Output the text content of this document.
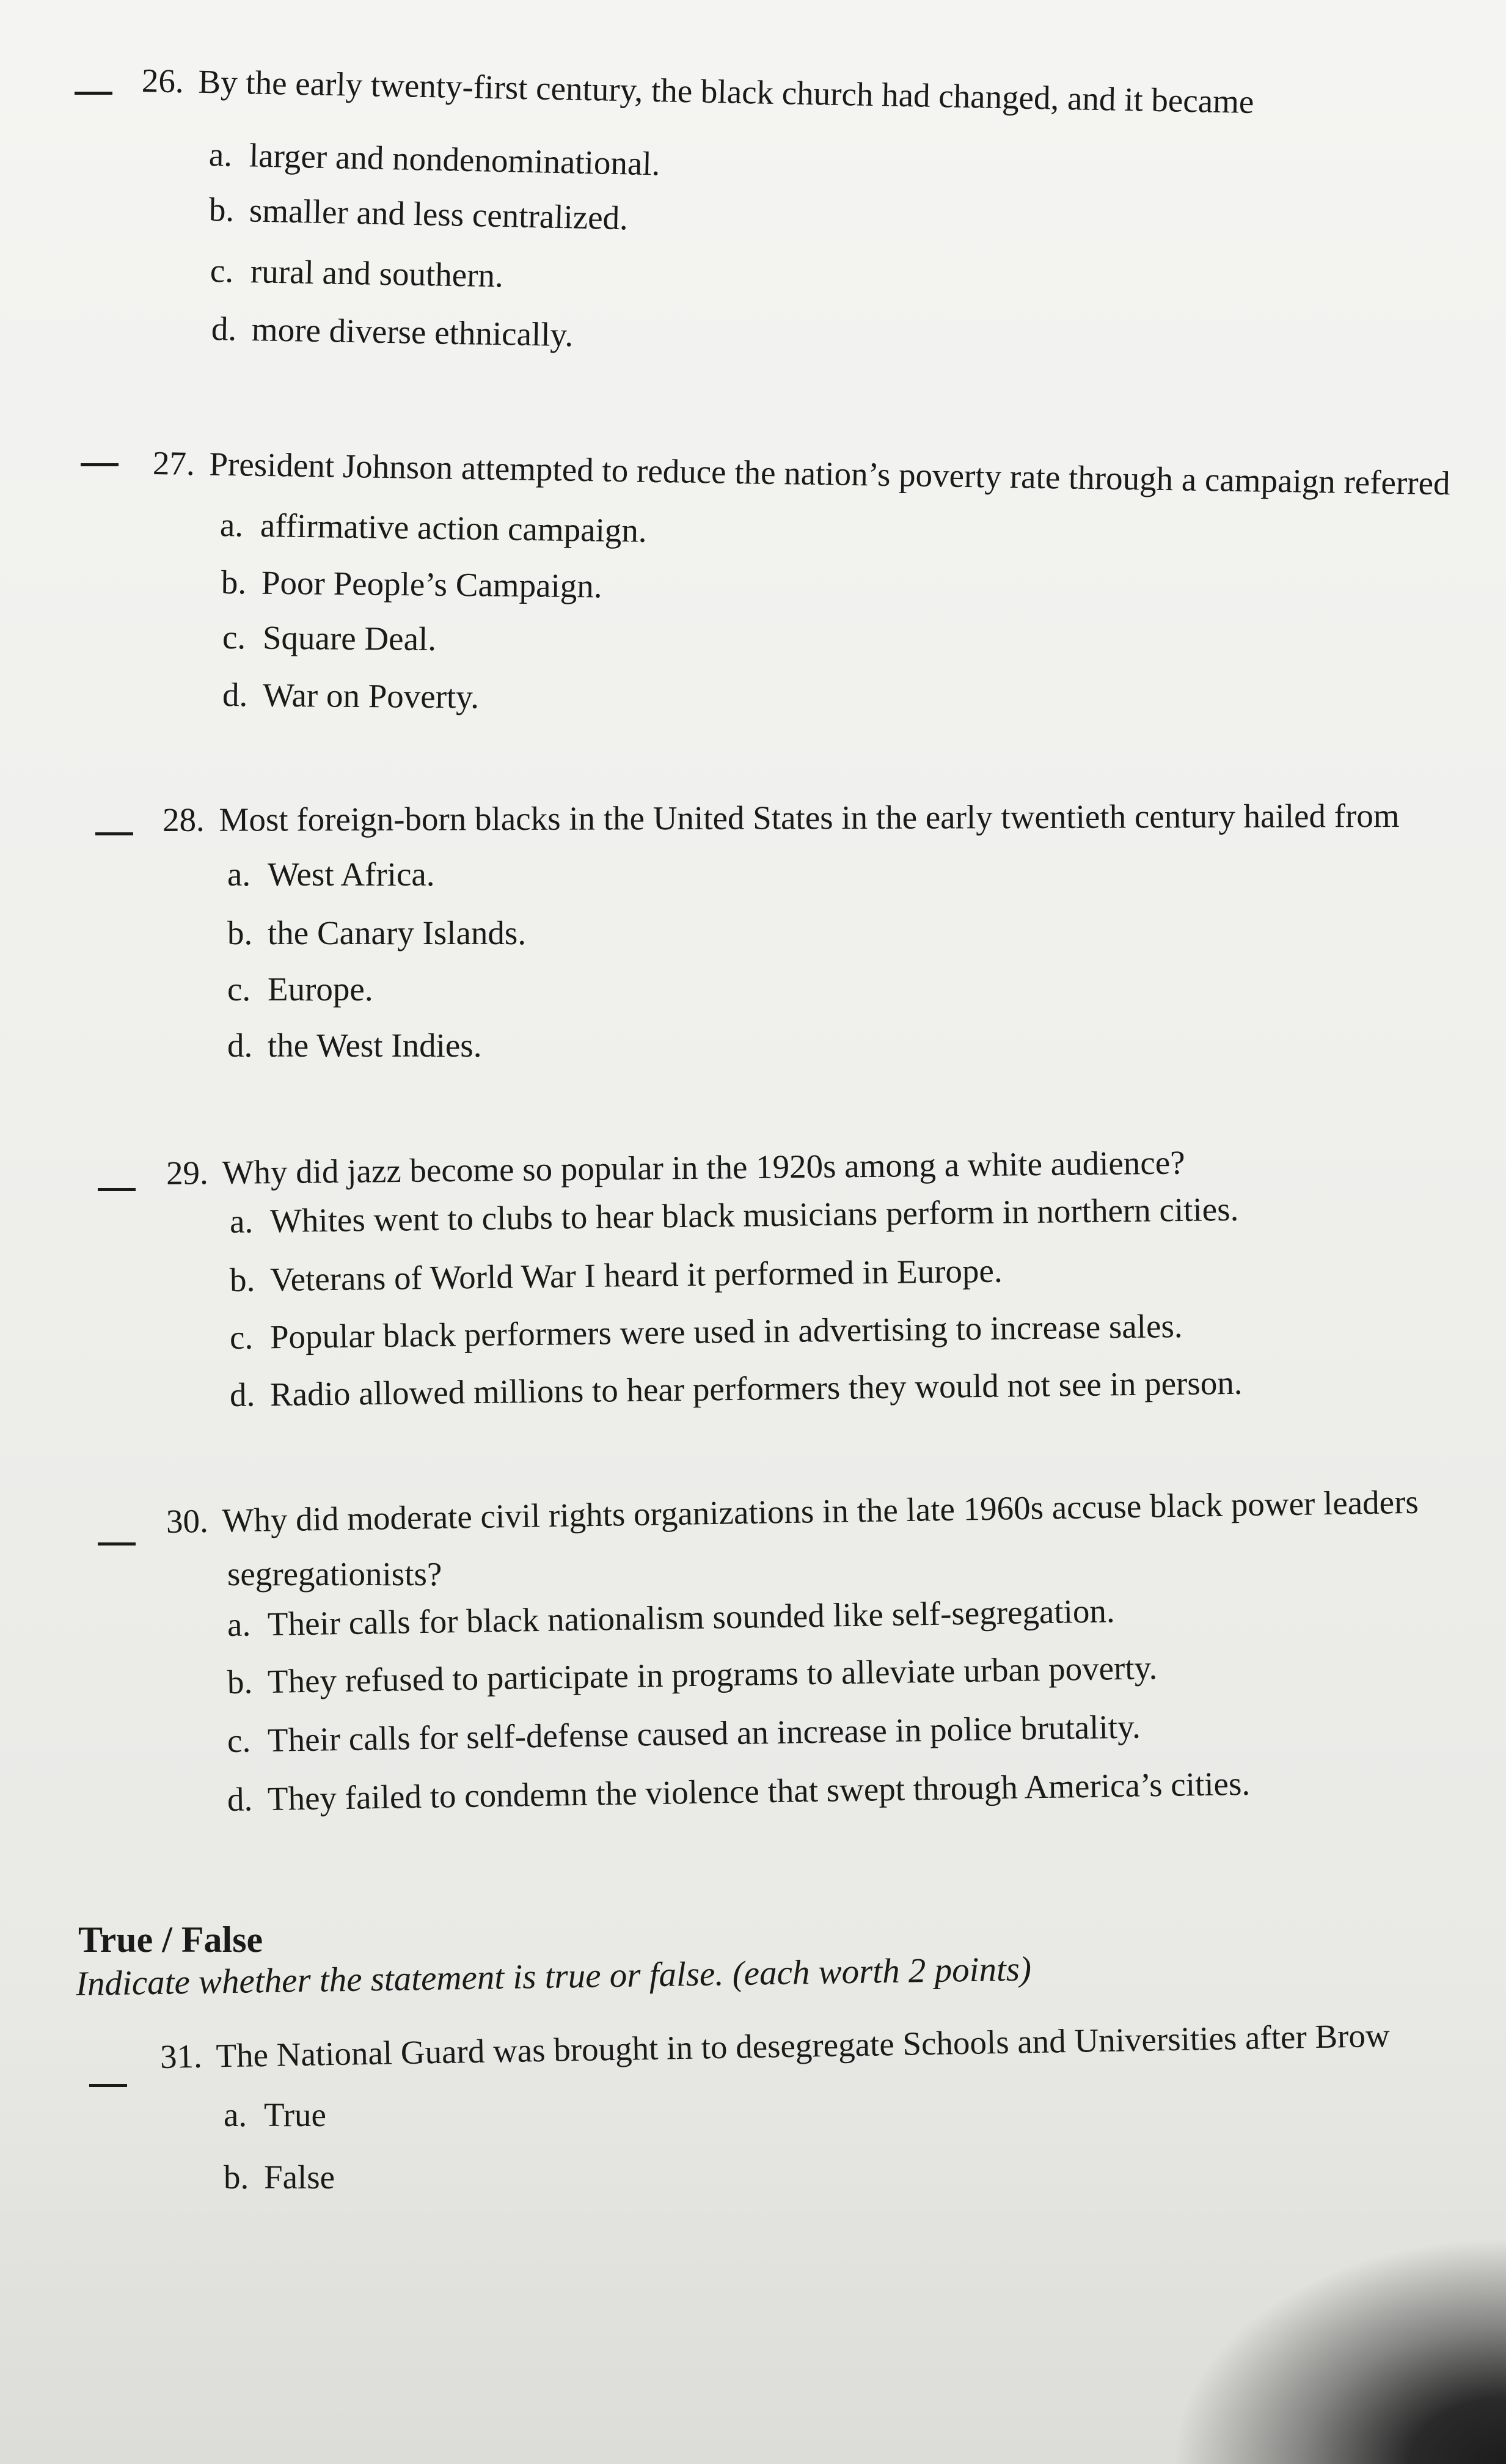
26. By the early twenty-first century, the black church had changed, and it became
a. larger and nondenominational.
b. smaller and less centralized.
c. rural and southern.
d. more diverse ethnically.
27. President Johnson attempted to reduce the nation’s poverty rate through a campaign referred
a. affirmative action campaign.
b. Poor People’s Campaign.
c. Square Deal.
d. War on Poverty.
28. Most foreign-born blacks in the United States in the early twentieth century hailed from
a. West Africa.
b. the Canary Islands.
c. Europe.
d. the West Indies.
29. Why did jazz become so popular in the 1920s among a white audience?
a. Whites went to clubs to hear black musicians perform in northern cities.
b. Veterans of World War I heard it performed in Europe.
c. Popular black performers were used in advertising to increase sales.
d. Radio allowed millions to hear performers they would not see in person.
30. Why did moderate civil rights organizations in the late 1960s accuse black power leaders
segregationists?
a. Their calls for black nationalism sounded like self-segregation.
b. They refused to participate in programs to alleviate urban poverty.
c. Their calls for self-defense caused an increase in police brutality.
d. They failed to condemn the violence that swept through America’s cities.
True / False
Indicate whether the statement is true or false. (each worth 2 points)
31. The National Guard was brought in to desegregate Schools and Universities after Brow
a. True
b. False
